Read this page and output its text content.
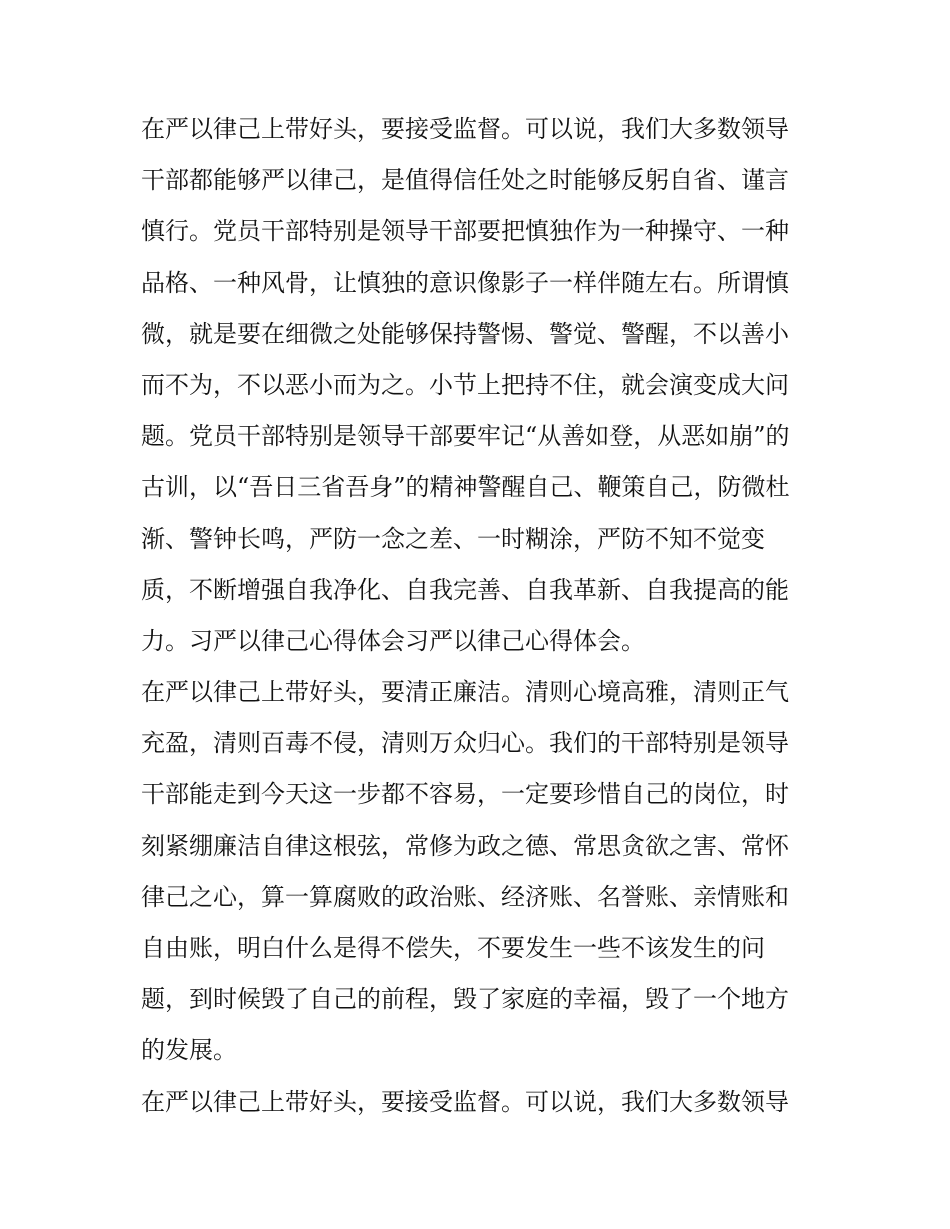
在严以律己上带好头，要接受监督。可以说，我们大多数领导
干部都能够严以律己，是值得信任处之时能够反躬自省、谨言
慎行。党员干部特别是领导干部要把慎独作为一种操守、一种
品格、一种风骨，让慎独的意识像影子一样伴随左右。所谓慎
微，就是要在细微之处能够保持警惕、警觉、警醒，不以善小
而不为，不以恶小而为之。小节上把持不住，就会演变成大问
题。党员干部特别是领导干部要牢记“从善如登，从恶如崩”的
古训，以“吾日三省吾身”的精神警醒自己、鞭策自己，防微杜
渐、警钟长鸣，严防一念之差、一时糊涂，严防不知不觉变
质，不断增强自我净化、自我完善、自我革新、自我提高的能
力。习严以律己心得体会习严以律己心得体会。
在严以律己上带好头，要清正廉洁。清则心境高雅，清则正气
充盈，清则百毒不侵，清则万众归心。我们的干部特别是领导
干部能走到今天这一步都不容易，一定要珍惜自己的岗位，时
刻紧绷廉洁自律这根弦，常修为政之德、常思贪欲之害、常怀
律己之心，算一算腐败的政治账、经济账、名誉账、亲情账和
自由账，明白什么是得不偿失，不要发生一些不该发生的问
题，到时候毁了自己的前程，毁了家庭的幸福，毁了一个地方
的发展。
在严以律己上带好头，要接受监督。可以说，我们大多数领导
